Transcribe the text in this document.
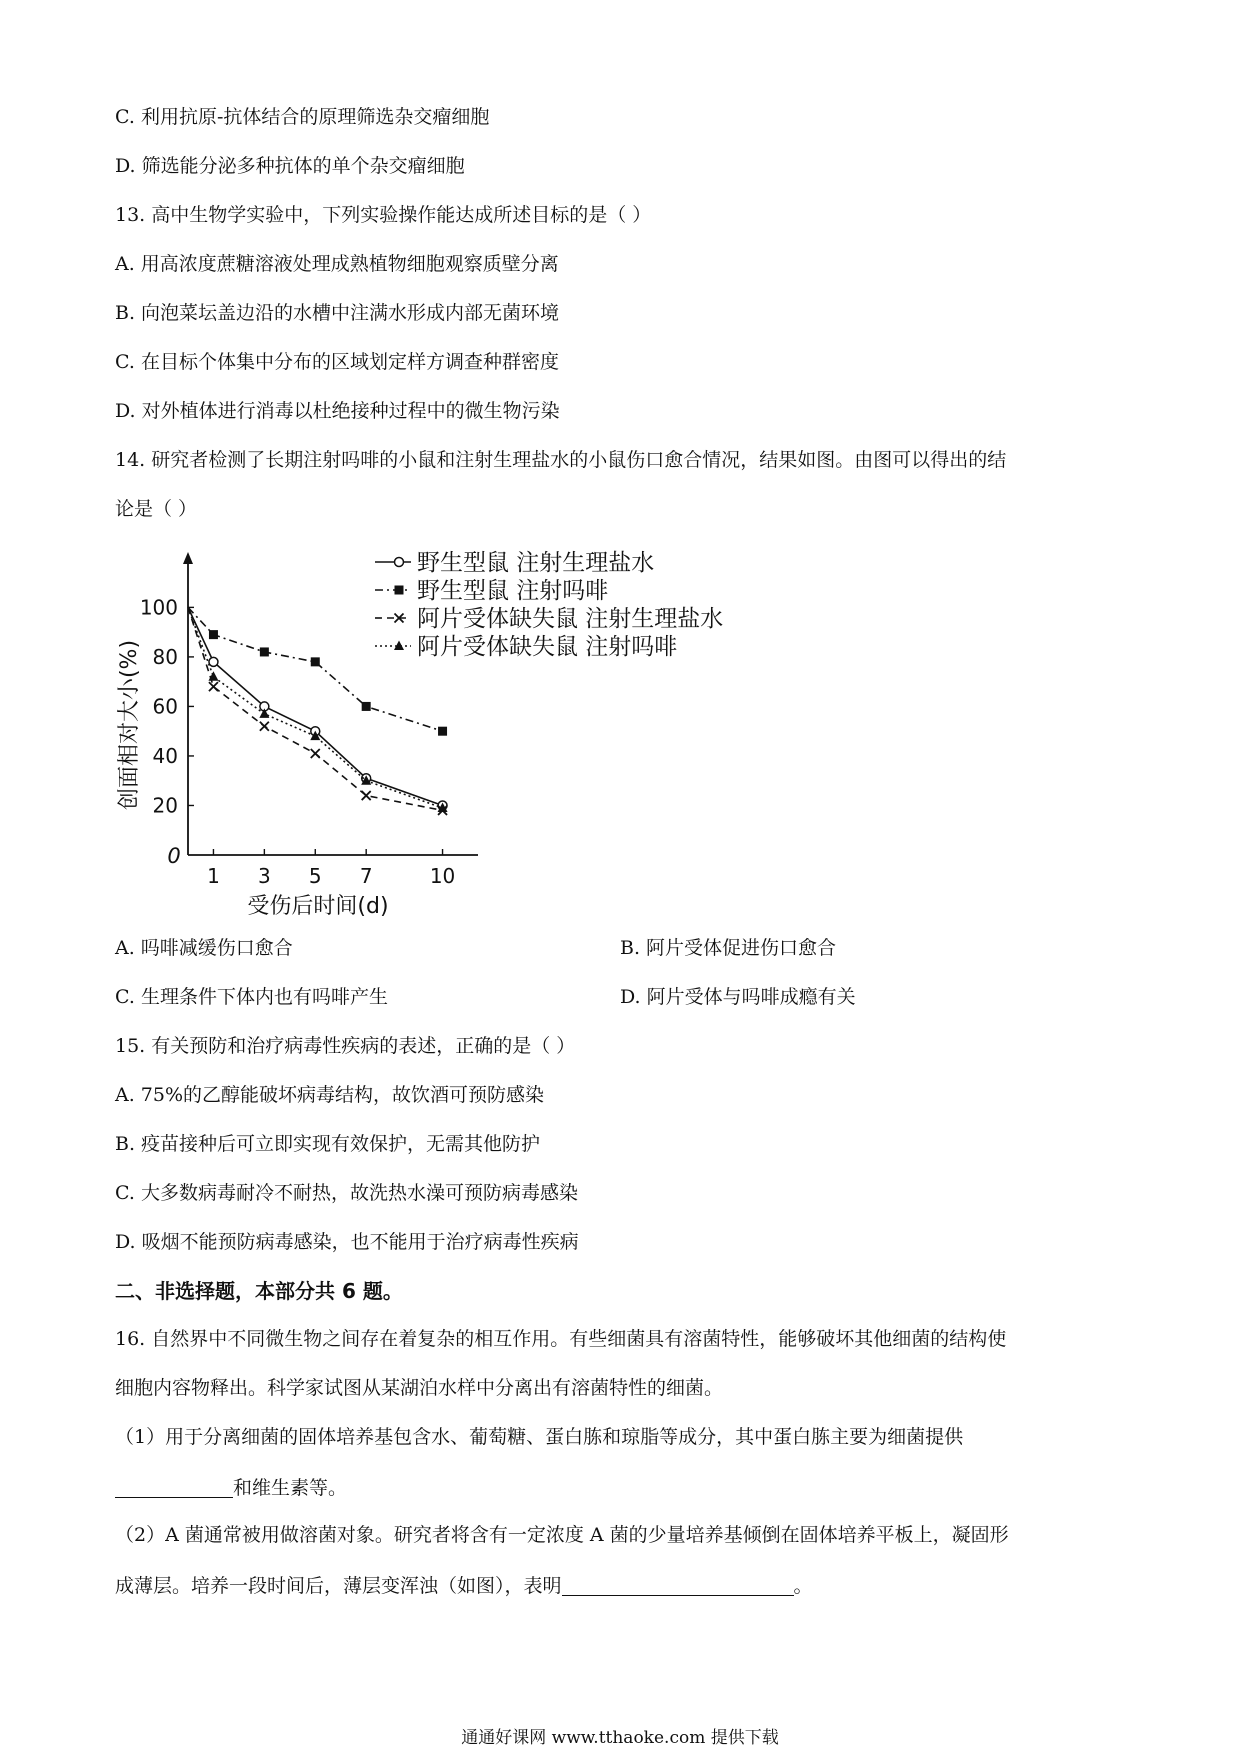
C. 利用抗原-抗体结合的原理筛选杂交瘤细胞
D. 筛选能分泌多种抗体的单个杂交瘤细胞
13. 高中生物学实验中，下列实验操作能达成所述目标的是（ ）
A. 用高浓度蔗糖溶液处理成熟植物细胞观察质壁分离
B. 向泡菜坛盖边沿的水槽中注满水形成内部无菌环境
C. 在目标个体集中分布的区域划定样方调查种群密度
D. 对外植体进行消毒以杜绝接种过程中的微生物污染
14. 研究者检测了长期注射吗啡的小鼠和注射生理盐水的小鼠伤口愈合情况，结果如图。由图可以得出的结
论是（ ）
20
40
60
80
100
1 3 5 7	10
0
受伤后时间(d)
创面相对大小(%)
野生型鼠 注射生理盐水
野生型鼠 注射吗啡
阿片受体缺失鼠 注射生理盐水
阿片受体缺失鼠 注射吗啡
A. 吗啡减缓伤口愈合	B. 阿片受体促进伤口愈合
C. 生理条件下体内也有吗啡产生	D. 阿片受体与吗啡成瘾有关
15. 有关预防和治疗病毒性疾病的表述，正确的是（ ）
A. 75%的乙醇能破坏病毒结构，故饮酒可预防感染
B. 疫苗接种后可立即实现有效保护，无需其他防护
C. 大多数病毒耐冷不耐热，故洗热水澡可预防病毒感染
D. 吸烟不能预防病毒感染，也不能用于治疗病毒性疾病
二、非选择题，本部分共 6 题。
16. 自然界中不同微生物之间存在着复杂的相互作用。有些细菌具有溶菌特性，能够破坏其他细菌的结构使
细胞内容物释出。科学家试图从某湖泊水样中分离出有溶菌特性的细菌。
（1）用于分离细菌的固体培养基包含水、葡萄糖、蛋白胨和琼脂等成分，其中蛋白胨主要为细菌提供
和维生素等。
（2）A 菌通常被用做溶菌对象。研究者将含有一定浓度 A 菌的少量培养基倾倒在固体培养平板上，凝固形
成薄层。培养一段时间后，薄层变浑浊（如图），表明	。
通通好课网 www.tthaoke.com 提供下载
